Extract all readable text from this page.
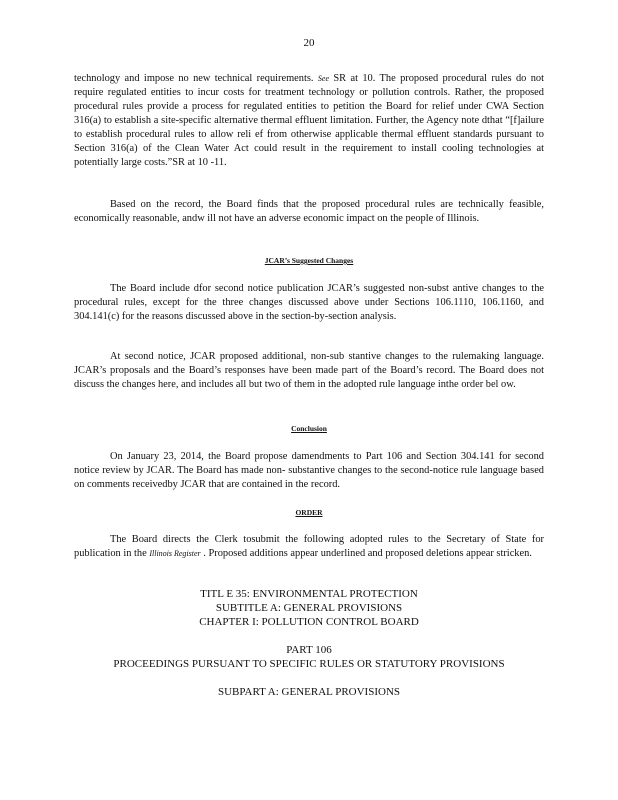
20

technology and impose no new technical requirements. See SR at 10. The proposed procedural rules do not require regulated entities to incur costs for treatment technology or pollution controls. Rather, the proposed procedural rules provide a process for regulated entities to petition the Board for relief under CWA Section 316(a) to establish a site-specific alternative thermal effluent limitation. Further, the Agency note dthat “[f]ailure to establish procedural rules to allow reli ef from otherwise applicable thermal effluent standards pursuant to Section 316(a) of the Clean Water Act could result in the requirement to install cooling technologies at potentially large costs.”SR at 10 -11.

Based on the record, the Board finds that the proposed procedural rules are technically feasible, economically reasonable, andw ill not have an adverse economic impact on the people of Illinois.

JCAR’s Suggested Changes

The Board include dfor second notice publication JCAR’s suggested non-subst antive changes to the procedural rules, except for the three changes discussed above under Sections 106.1110, 106.1160, and 304.141(c) for the reasons discussed above in the section-by-section analysis.

At second notice, JCAR proposed additional, non-sub stantive changes to the rulemaking language. JCAR’s proposals and the Board’s responses have been made part of the Board’s record. The Board does not discuss the changes here, and includes all but two of them in the adopted rule language inthe order bel ow.

Conclusion

On January 23, 2014, the Board propose damendments to Part 106 and Section 304.141 for second notice review by JCAR. The Board has made non- substantive changes to the second-notice rule language based on comments receivedby JCAR that are contained in the record.

ORDER

The Board directs the Clerk tosubmit the following adopted rules to the Secretary of State for publication in the Illinois Register . Proposed additions appear underlined and proposed deletions appear stricken.

TITL E 35: ENVIRONMENTAL PROTECTION
SUBTITLE A: GENERAL PROVISIONS
CHAPTER I: POLLUTION CONTROL BOARD
PART 106
PROCEEDINGS PURSUANT TO SPECIFIC RULES OR STATUTORY PROVISIONS
SUBPART A: GENERAL PROVISIONS
